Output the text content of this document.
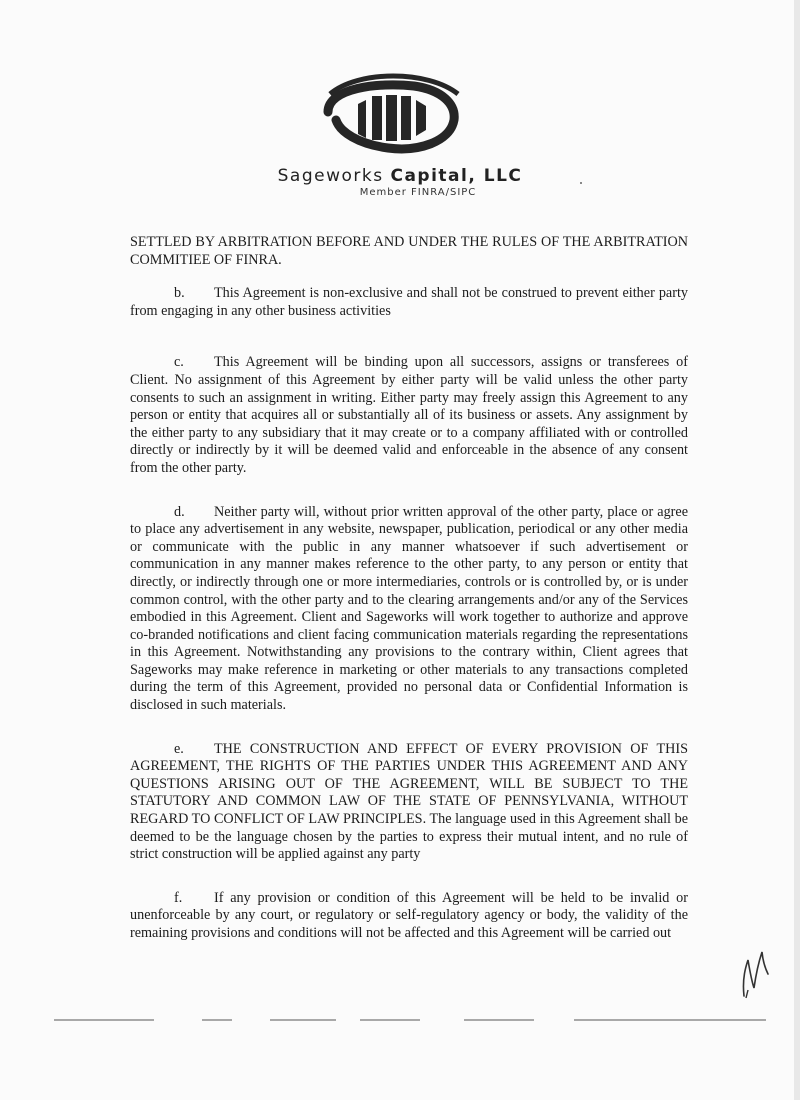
Sageworks Capital, LLC
Member FINRA/SIPC

SETTLED BY ARBITRATION BEFORE AND UNDER THE RULES OF THE ARBITRATION COMMITIEE OF FINRA.

b. This Agreement is non-exclusive and shall not be construed to prevent either party from engaging in any other business activities

c. This Agreement will be binding upon all successors, assigns or transferees of Client. No assignment of this Agreement by either party will be valid unless the other party consents to such an assignment in writing. Either party may freely assign this Agreement to any person or entity that acquires all or substantially all of its business or assets. Any assignment by the either party to any subsidiary that it may create or to a company affiliated with or controlled directly or indirectly by it will be deemed valid and enforceable in the absence of any consent from the other party.

d. Neither party will, without prior written approval of the other party, place or agree to place any advertisement in any website, newspaper, publication, periodical or any other media or communicate with the public in any manner whatsoever if such advertisement or communication in any manner makes reference to the other party, to any person or entity that directly, or indirectly through one or more intermediaries, controls or is controlled by, or is under common control, with the other party and to the clearing arrangements and/or any of the Services embodied in this Agreement. Client and Sageworks will work together to authorize and approve co-branded notifications and client facing communication materials regarding the representations in this Agreement. Notwithstanding any provisions to the contrary within, Client agrees that Sageworks may make reference in marketing or other materials to any transactions completed during the term of this Agreement, provided no personal data or Confidential Information is disclosed in such materials.

e. THE CONSTRUCTION AND EFFECT OF EVERY PROVISION OF THIS AGREEMENT, THE RIGHTS OF THE PARTIES UNDER THIS AGREEMENT AND ANY QUESTIONS ARISING OUT OF THE AGREEMENT, WILL BE SUBJECT TO THE STATUTORY AND COMMON LAW OF THE STATE OF PENNSYLVANIA, WITHOUT REGARD TO CONFLICT OF LAW PRINCIPLES. The language used in this Agreement shall be deemed to be the language chosen by the parties to express their mutual intent, and no rule of strict construction will be applied against any party

f. If any provision or condition of this Agreement will be held to be invalid or unenforceable by any court, or regulatory or self-regulatory agency or body, the validity of the remaining provisions and conditions will not be affected and this Agreement will be carried out
